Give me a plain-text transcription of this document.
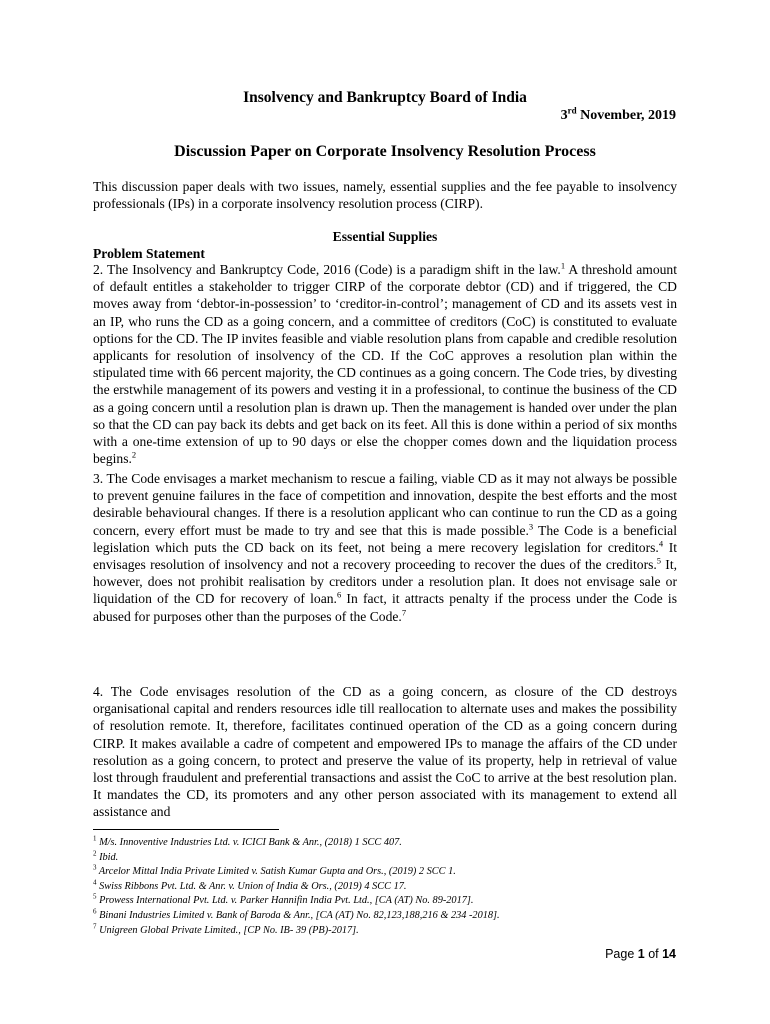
Insolvency and Bankruptcy Board of India
3rd November, 2019
Discussion Paper on Corporate Insolvency Resolution Process

This discussion paper deals with two issues, namely, essential supplies and the fee payable to insolvency professionals (IPs) in a corporate insolvency resolution process (CIRP).

Essential Supplies
Problem Statement

2. The Insolvency and Bankruptcy Code, 2016 (Code) is a paradigm shift in the law.$^1$ A threshold amount of default entitles a stakeholder to trigger CIRP of the corporate debtor (CD) and if triggered, the CD moves away from ‘debtor-in-possession’ to ‘creditor-in-control’; management of CD and its assets vest in an IP, who runs the CD as a going concern, and a committee of creditors (CoC) is constituted to evaluate options for the CD. The IP invites feasible and viable resolution plans from capable and credible resolution applicants for resolution of insolvency of the CD. If the CoC approves a resolution plan within the stipulated time with 66 percent majority, the CD continues as a going concern. The Code tries, by divesting the erstwhile management of its powers and vesting it in a professional, to continue the business of the CD as a going concern until a resolution plan is drawn up. Then the management is handed over under the plan so that the CD can pay back its debts and get back on its feet. All this is done within a period of six months with a one-time extension of up to 90 days or else the chopper comes down and the liquidation process begins.$^2$

3. The Code envisages a market mechanism to rescue a failing, viable CD as it may not always be possible to prevent genuine failures in the face of competition and innovation, despite the best efforts and the most desirable behavioural changes. If there is a resolution applicant who can continue to run the CD as a going concern, every effort must be made to try and see that this is made possible.$^3$ The Code is a beneficial legislation which puts the CD back on its feet, not being a mere recovery legislation for creditors.$^4$ It envisages resolution of insolvency and not a recovery proceeding to recover the dues of the creditors.$^5$ It, however, does not prohibit realisation by creditors under a resolution plan. It does not envisage sale or liquidation of the CD for recovery of loan.$^6$ In fact, it attracts penalty if the process under the Code is abused for purposes other than the purposes of the Code.$^7$

4. The Code envisages resolution of the CD as a going concern, as closure of the CD destroys organisational capital and renders resources idle till reallocation to alternate uses and makes the possibility of resolution remote. It, therefore, facilitates continued operation of the CD as a going concern during CIRP. It makes available a cadre of competent and empowered IPs to manage the affairs of the CD under resolution as a going concern, to protect and preserve the value of its property, help in retrieval of value lost through fraudulent and preferential transactions and assist the CoC to arrive at the best resolution plan. It mandates the CD, its promoters and any other person associated with its management to extend all assistance and

$^1$ M/s. Innoventive Industries Ltd. v. ICICI Bank & Anr., (2018) 1 SCC 407.
$^2$ Ibid.
$^3$ Arcelor Mittal India Private Limited v. Satish Kumar Gupta and Ors., (2019) 2 SCC 1.
$^4$ Swiss Ribbons Pvt. Ltd. & Anr. v. Union of India & Ors., (2019) 4 SCC 17.
$^5$ Prowess International Pvt. Ltd. v. Parker Hannifin India Pvt. Ltd., [CA (AT) No. 89-2017].
$^6$ Binani Industries Limited v. Bank of Baroda & Anr., [CA (AT) No. 82,123,188,216 & 234 -2018].
$^7$ Unigreen Global Private Limited., [CP No. IB- 39 (PB)-2017].
Page 1 of 14
